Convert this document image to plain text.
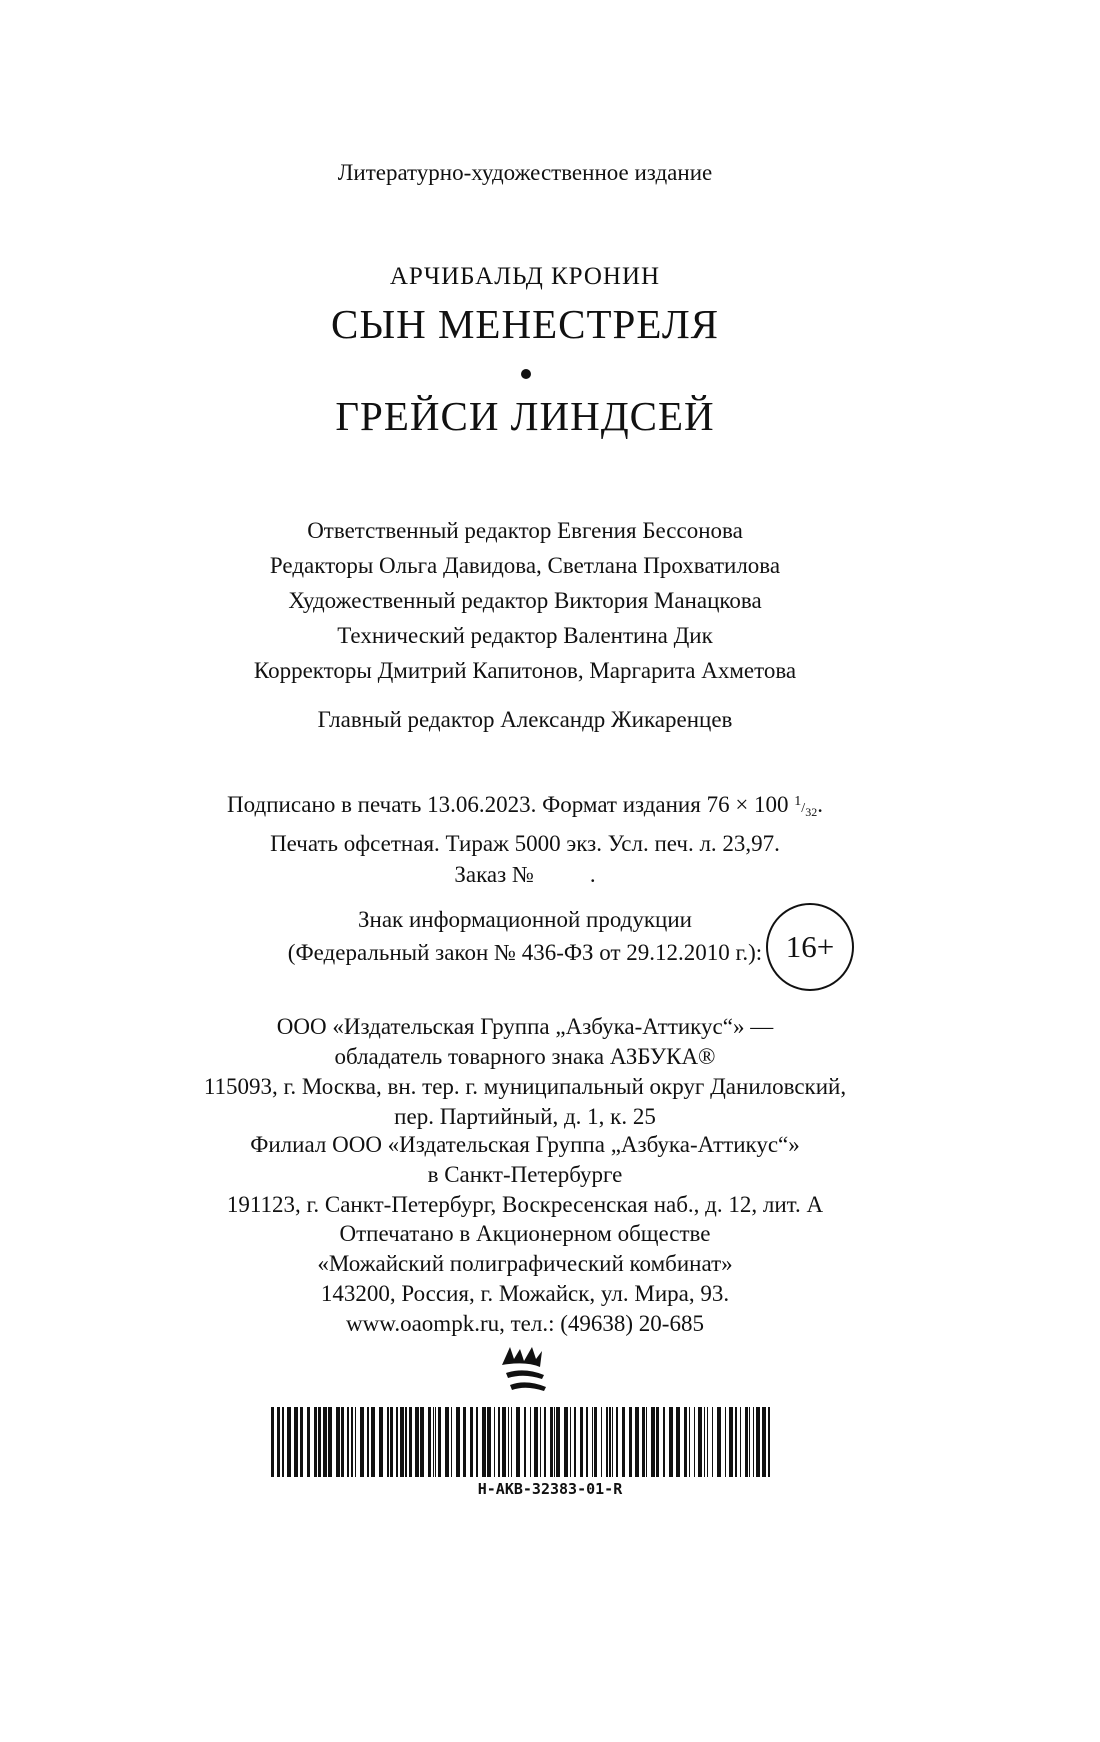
Литературно-художественное издание
АРЧИБАЛЬД КРОНИН
СЫН МЕНЕСТРЕЛЯ
ГРЕЙСИ ЛИНДСЕЙ
Ответственный редактор Евгения Бессонова
Редакторы Ольга Давидова, Светлана Прохватилова
Художественный редактор Виктория Манацкова
Технический редактор Валентина Дик
Корректоры Дмитрий Капитонов, Маргарита Ахметова
Главный редактор Александр Жикаренцев
Подписано в печать 13.06.2023. Формат издания 76 × 100 $^1/_{32}$.
Печать офсетная. Тираж 5000 экз. Усл. печ. л. 23,97.
Заказ № .
Знак информационной продукции
(Федеральный закон № 436-ФЗ от 29.12.2010 г.): 16+
ООО «Издательская Группа „Азбука-Аттикус“» —
обладатель товарного знака АЗБУКА®
115093, г. Москва, вн. тер. г. муниципальный округ Даниловский,
пер. Партийный, д. 1, к. 25
Филиал ООО «Издательская Группа „Азбука-Аттикус“»
в Санкт-Петербурге
191123, г. Санкт-Петербург, Воскресенская наб., д. 12, лит. А
Отпечатано в Акционерном обществе
«Можайский полиграфический комбинат»
143200, Россия, г. Можайск, ул. Мира, 93.
www.oaompk.ru, тел.: (49638) 20-685
H-AKB-32383-01-R
